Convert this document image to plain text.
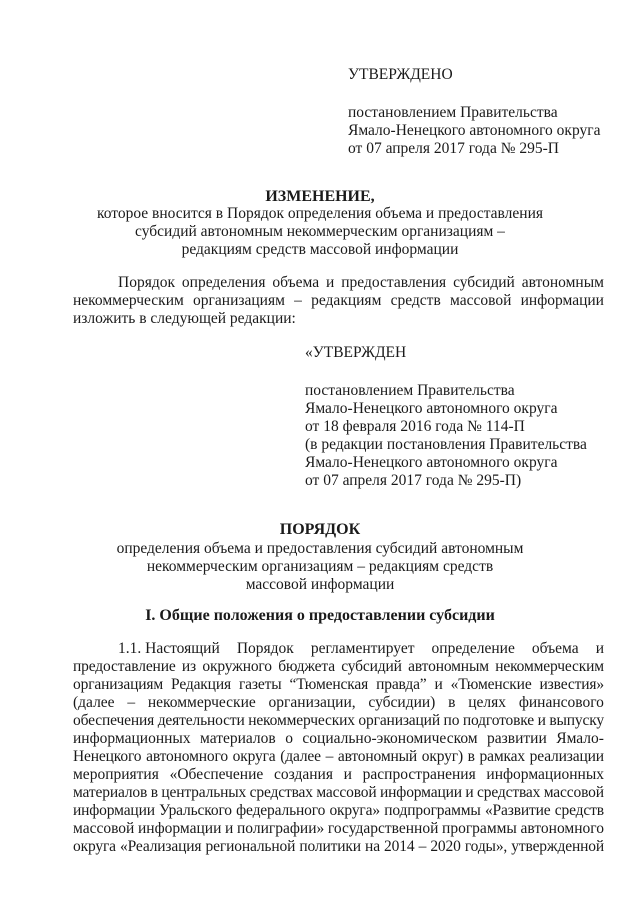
УТВЕРЖДЕНО
постановлением Правительства
Ямало-Ненецкого автономного округа
от 07 апреля 2017 года № 295-П
ИЗМЕНЕНИЕ,
которое вносится в Порядок определения объема и предоставления
субсидий автономным некоммерческим организациям –
редакциям средств массовой информации
Порядок определения объема и предоставления субсидий автономным
некоммерческим организациям – редакциям средств массовой информации
изложить в следующей редакции:
«УТВЕРЖДЕН
постановлением Правительства
Ямало-Ненецкого автономного округа
от 18 февраля 2016 года № 114-П
(в редакции постановления Правительства
Ямало-Ненецкого автономного округа
от 07 апреля 2017 года № 295-П)
ПОРЯДОК
определения объема и предоставления субсидий автономным
некоммерческим организациям – редакциям средств
массовой информации
I. Общие положения о предоставлении субсидии
1.1. Настоящий Порядок регламентирует определение объема и
предоставление из окружного бюджета субсидий автономным некоммерческим
организациям Редакция газеты “Тюменская правда” и «Тюменские известия»
(далее – некоммерческие организации, субсидии) в целях финансового
обеспечения деятельности некоммерческих организаций по подготовке и выпуску
информационных материалов о социально-экономическом развитии Ямало-
Ненецкого автономного округа (далее – автономный округ) в рамках реализации
мероприятия «Обеспечение создания и распространения информационных
материалов в центральных средствах массовой информации и средствах массовой
информации Уральского федерального округа» подпрограммы «Развитие средств
массовой информации и полиграфии» государственной программы автономного
округа «Реализация региональной политики на 2014 – 2020 годы», утвержденной
